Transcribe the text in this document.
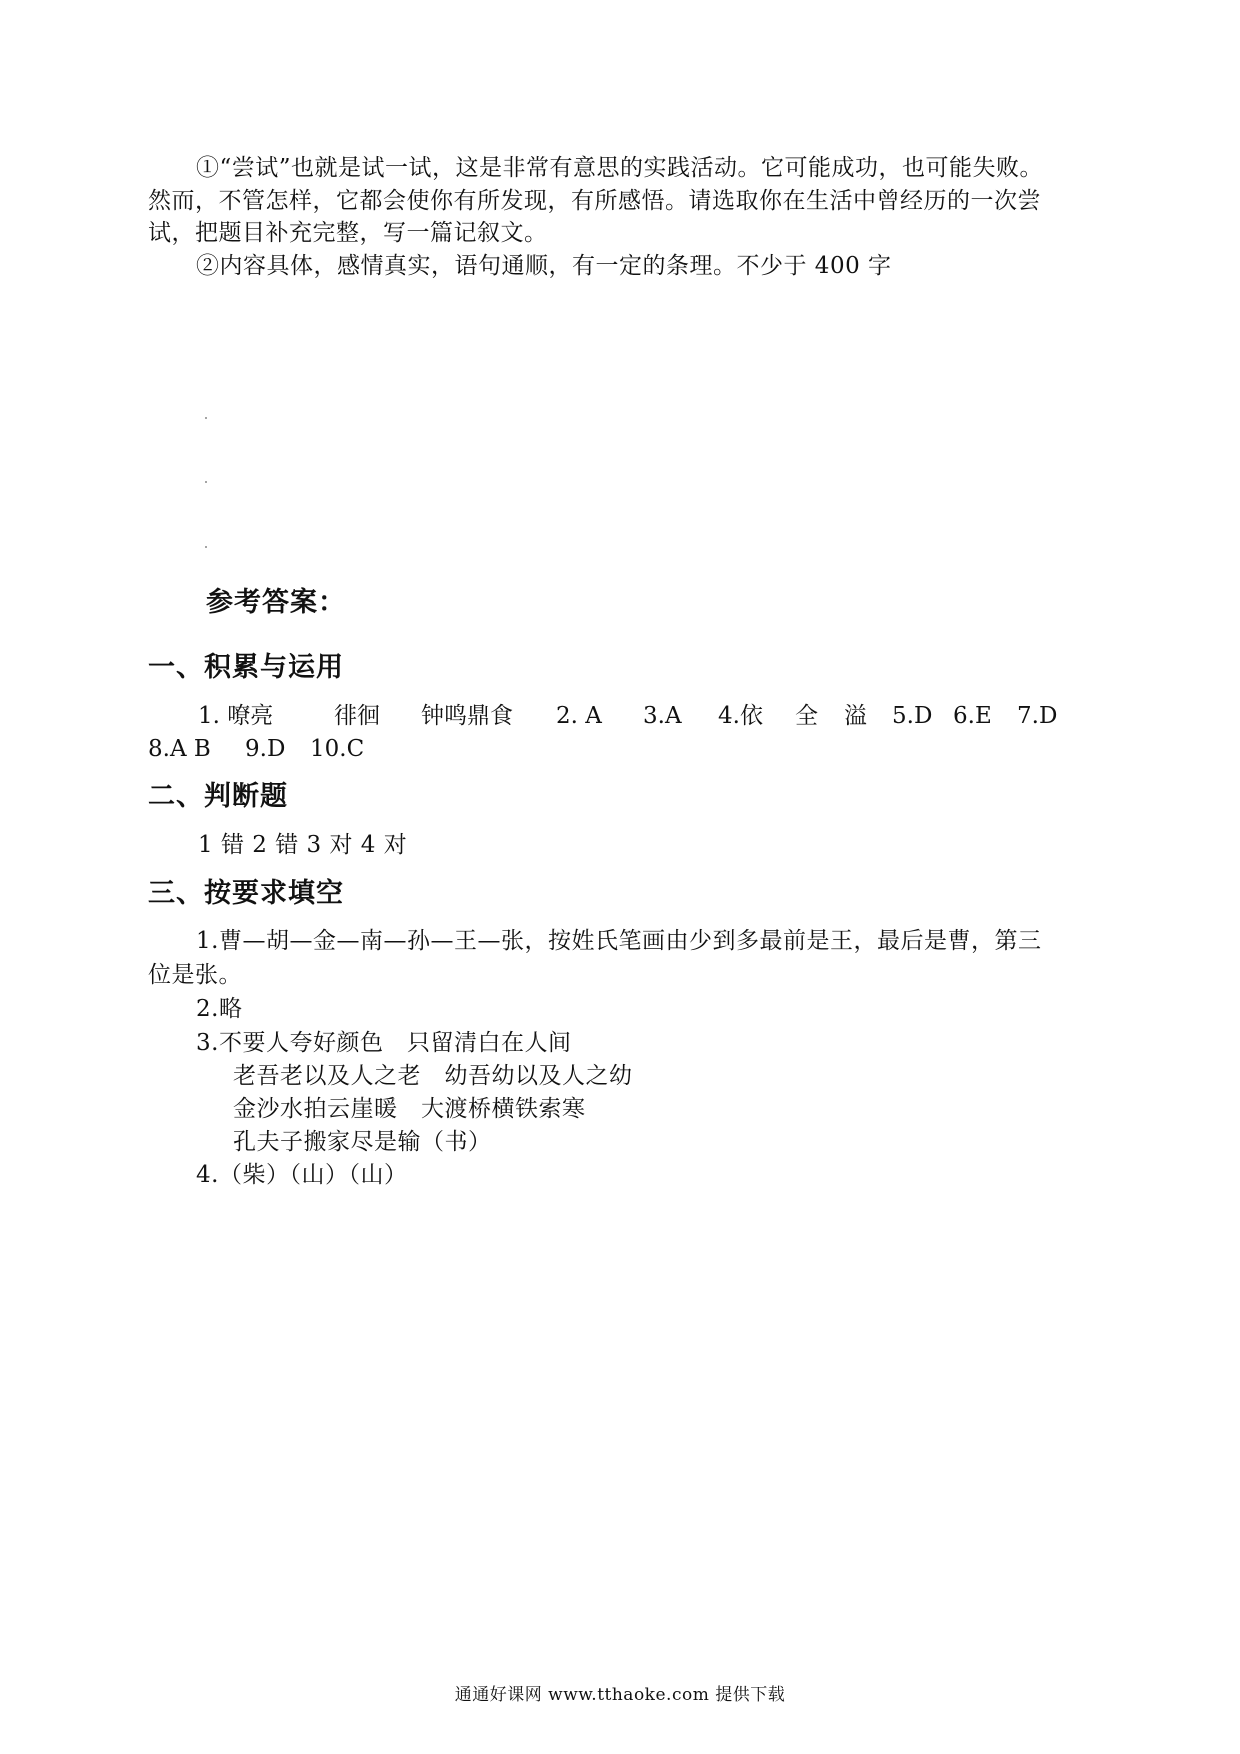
①“尝试”也就是试一试，这是非常有意思的实践活动。它可能成功，也可能失败。
然而，不管怎样，它都会使你有所发现，有所感悟。请选取你在生活中曾经历的一次尝
试，把题目补充完整，写一篇记叙文。
②内容具体，感情真实，语句通顺，有一定的条理。不少于 400 字
参考答案：
一、积累与运用
1. 嘹亮	徘徊 钟鸣鼎食 2. A 3.A 4.依 全 溢 5.D 6.E 7.D
8.A B 9.D 10.C
二、判断题
1 错 2 错 3 对 4 对
三、按要求填空
1.曹—胡—金—南—孙—王—张，按姓氏笔画由少到多最前是王，最后是曹，第三
位是张。
2.略
3.不要人夸好颜色　只留清白在人间
老吾老以及人之老　幼吾幼以及人之幼
金沙水拍云崖暖　大渡桥横铁索寒
孔夫子搬家尽是输（书）
4.（柴）（山）（山）
通通好课网 www.tthaoke.com 提供下载
